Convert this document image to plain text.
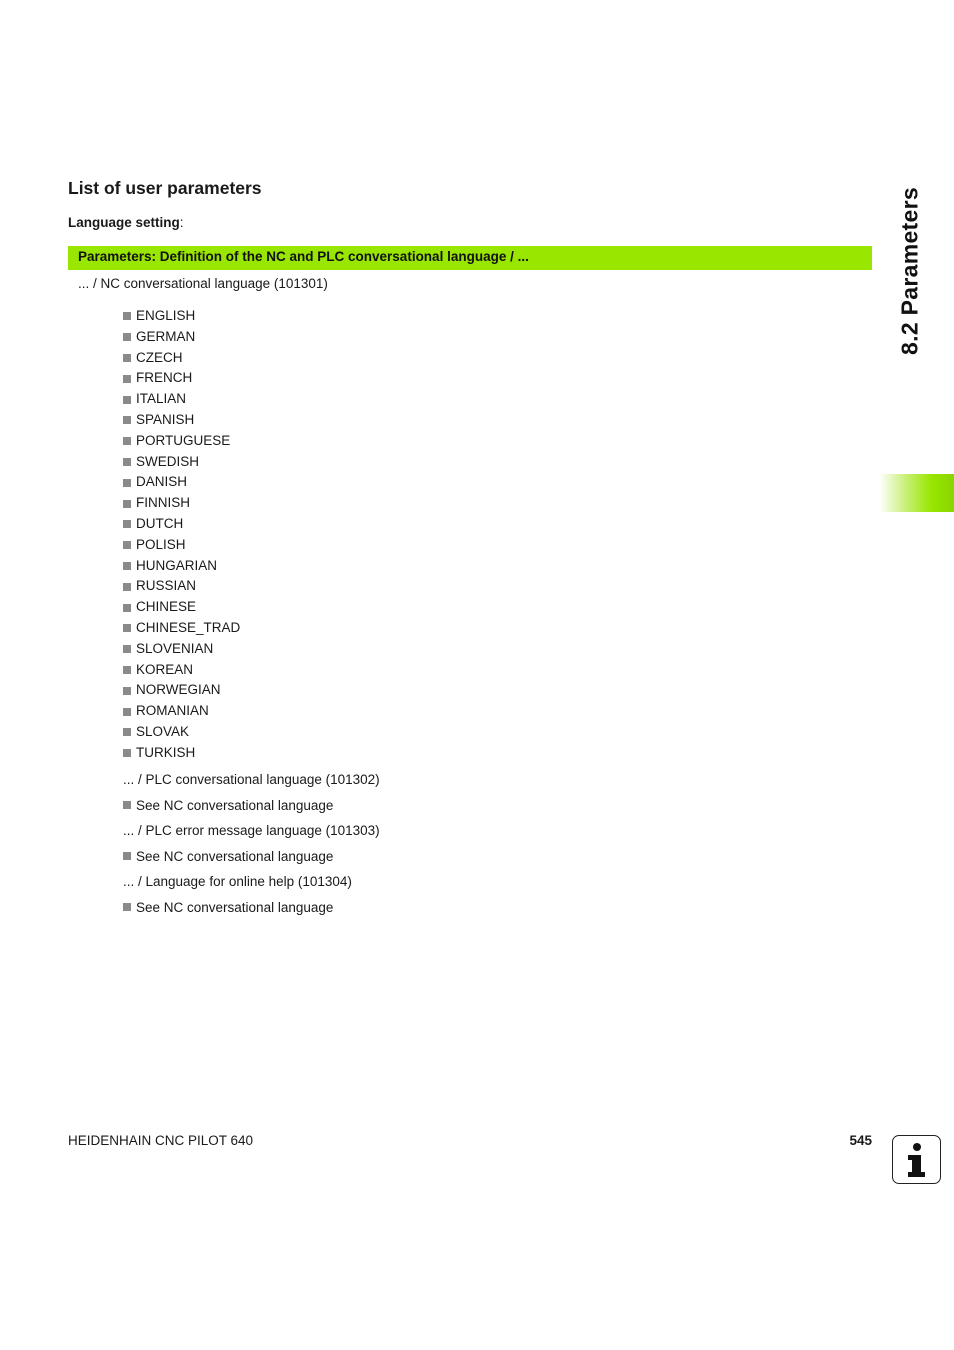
List of user parameters
Language setting:
Parameters: Definition of the NC and PLC conversational language / ...
... / NC conversational language (101301)
ENGLISH
GERMAN
CZECH
FRENCH
ITALIAN
SPANISH
PORTUGUESE
SWEDISH
DANISH
FINNISH
DUTCH
POLISH
HUNGARIAN
RUSSIAN
CHINESE
CHINESE_TRAD
SLOVENIAN
KOREAN
NORWEGIAN
ROMANIAN
SLOVAK
TURKISH
... / PLC conversational language (101302)
See NC conversational language
... / PLC error message language (101303)
See NC conversational language
... / Language for online help (101304)
See NC conversational language
8.2 Parameters
HEIDENHAIN CNC PILOT 640	545
